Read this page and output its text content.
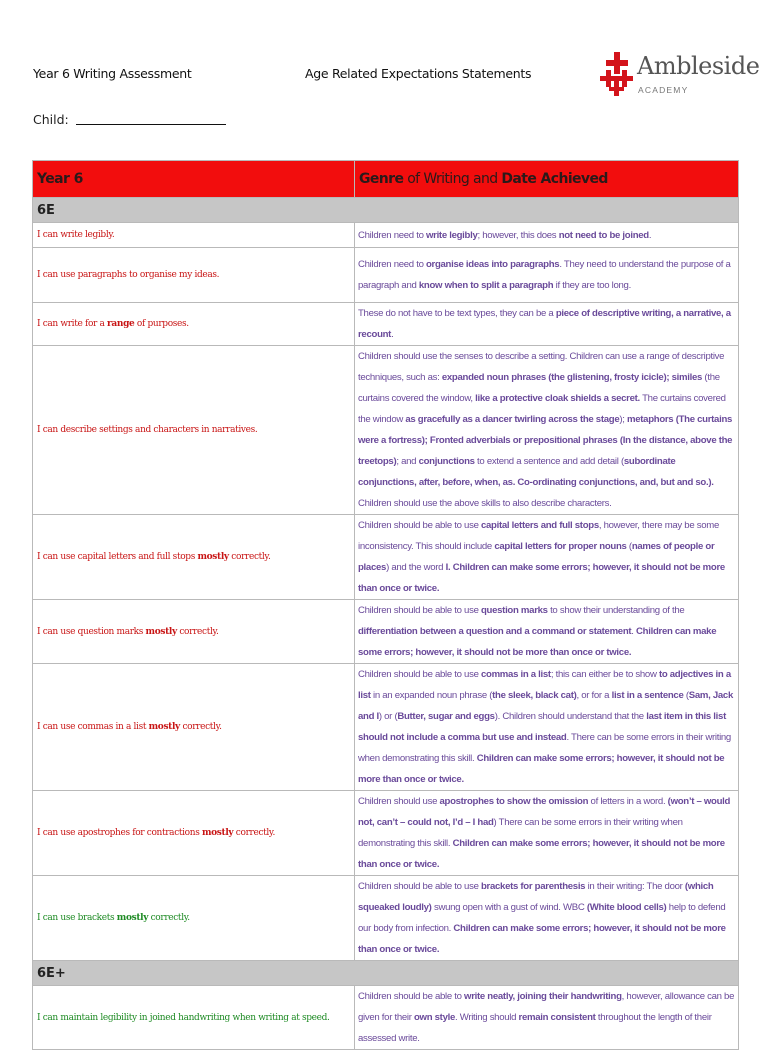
Year 6 Writing Assessment	Age Related Expectations Statements
Child:
Ambleside
ACADEMY
Year 6	Genre of Writing and Date Achieved
6E	
I can write legibly.	Children need to write legibly; however, this does not need to be joined.
I can use paragraphs to organise my ideas.	Children need to organise ideas into paragraphs. They need to understand the purpose of a paragraph and know when to split a paragraph if they are too long.
I can write for a range of purposes.	These do not have to be text types, they can be a piece of descriptive writing, a narrative, a recount.
I can describe settings and characters in narratives.	Children should use the senses to describe a setting. Children can use a range of descriptive techniques, such as: expanded noun phrases (the glistening, frosty icicle); similes (the curtains covered the window, like a protective cloak shields a secret. The curtains covered the window as gracefully as a dancer twirling across the stage); metaphors (The curtains were a fortress); Fronted adverbials or prepositional phrases (In the distance, above the treetops); and conjunctions to extend a sentence and add detail (subordinate conjunctions, after, before, when, as. Co-ordinating conjunctions, and, but and so.). Children should use the above skills to also describe characters.
I can use capital letters and full stops mostly correctly.	Children should be able to use capital letters and full stops, however, there may be some inconsistency. This should include capital letters for proper nouns (names of people or places) and the word I. Children can make some errors; however, it should not be more than once or twice.
I can use question marks mostly correctly.	Children should be able to use question marks to show their understanding of the differentiation between a question and a command or statement. Children can make some errors; however, it should not be more than once or twice.
I can use commas in a list mostly correctly.	Children should be able to use commas in a list; this can either be to show to adjectives in a list in an expanded noun phrase (the sleek, black cat), or for a list in a sentence (Sam, Jack and I) or (Butter, sugar and eggs). Children should understand that the last item in this list should not include a comma but use and instead. There can be some errors in their writing when demonstrating this skill. Children can make some errors; however, it should not be more than once or twice.
I can use apostrophes for contractions mostly correctly.	Children should use apostrophes to show the omission of letters in a word. (won’t – would not, can’t – could not, I’d – I had) There can be some errors in their writing when demonstrating this skill. Children can make some errors; however, it should not be more than once or twice.
I can use brackets mostly correctly.	Children should be able to use brackets for parenthesis in their writing: The door (which squeaked loudly) swung open with a gust of wind. WBC (White blood cells) help to defend our body from infection. Children can make some errors; however, it should not be more than once or twice.
6E+	
I can maintain legibility in joined handwriting when writing at speed.	Children should be able to write neatly, joining their handwriting, however, allowance can be given for their own style. Writing should remain consistent throughout the length of their assessed write.
